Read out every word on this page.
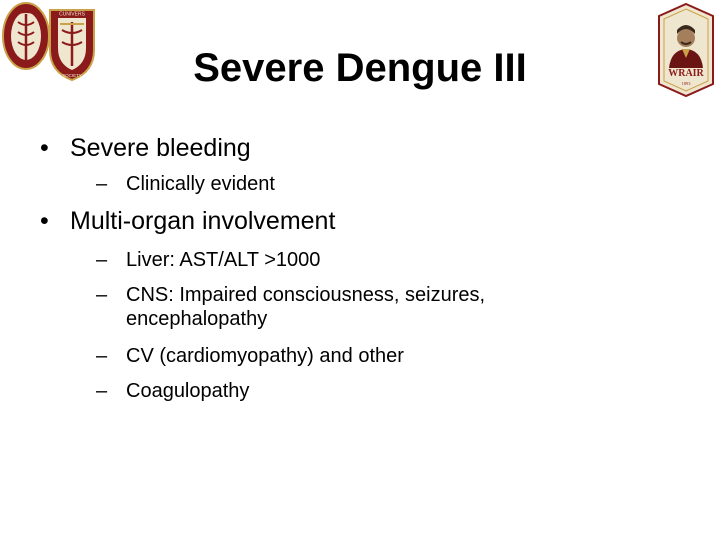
CUNIVERS
SOCIETY	WRAIR
1893
Severe Dengue III
• Severe bleeding
– Clinically evident
• Multi-organ involvement
– Liver: AST/ALT >1000
– CNS: Impaired consciousness, seizures,
encephalopathy
– CV (cardiomyopathy) and other
– Coagulopathy
